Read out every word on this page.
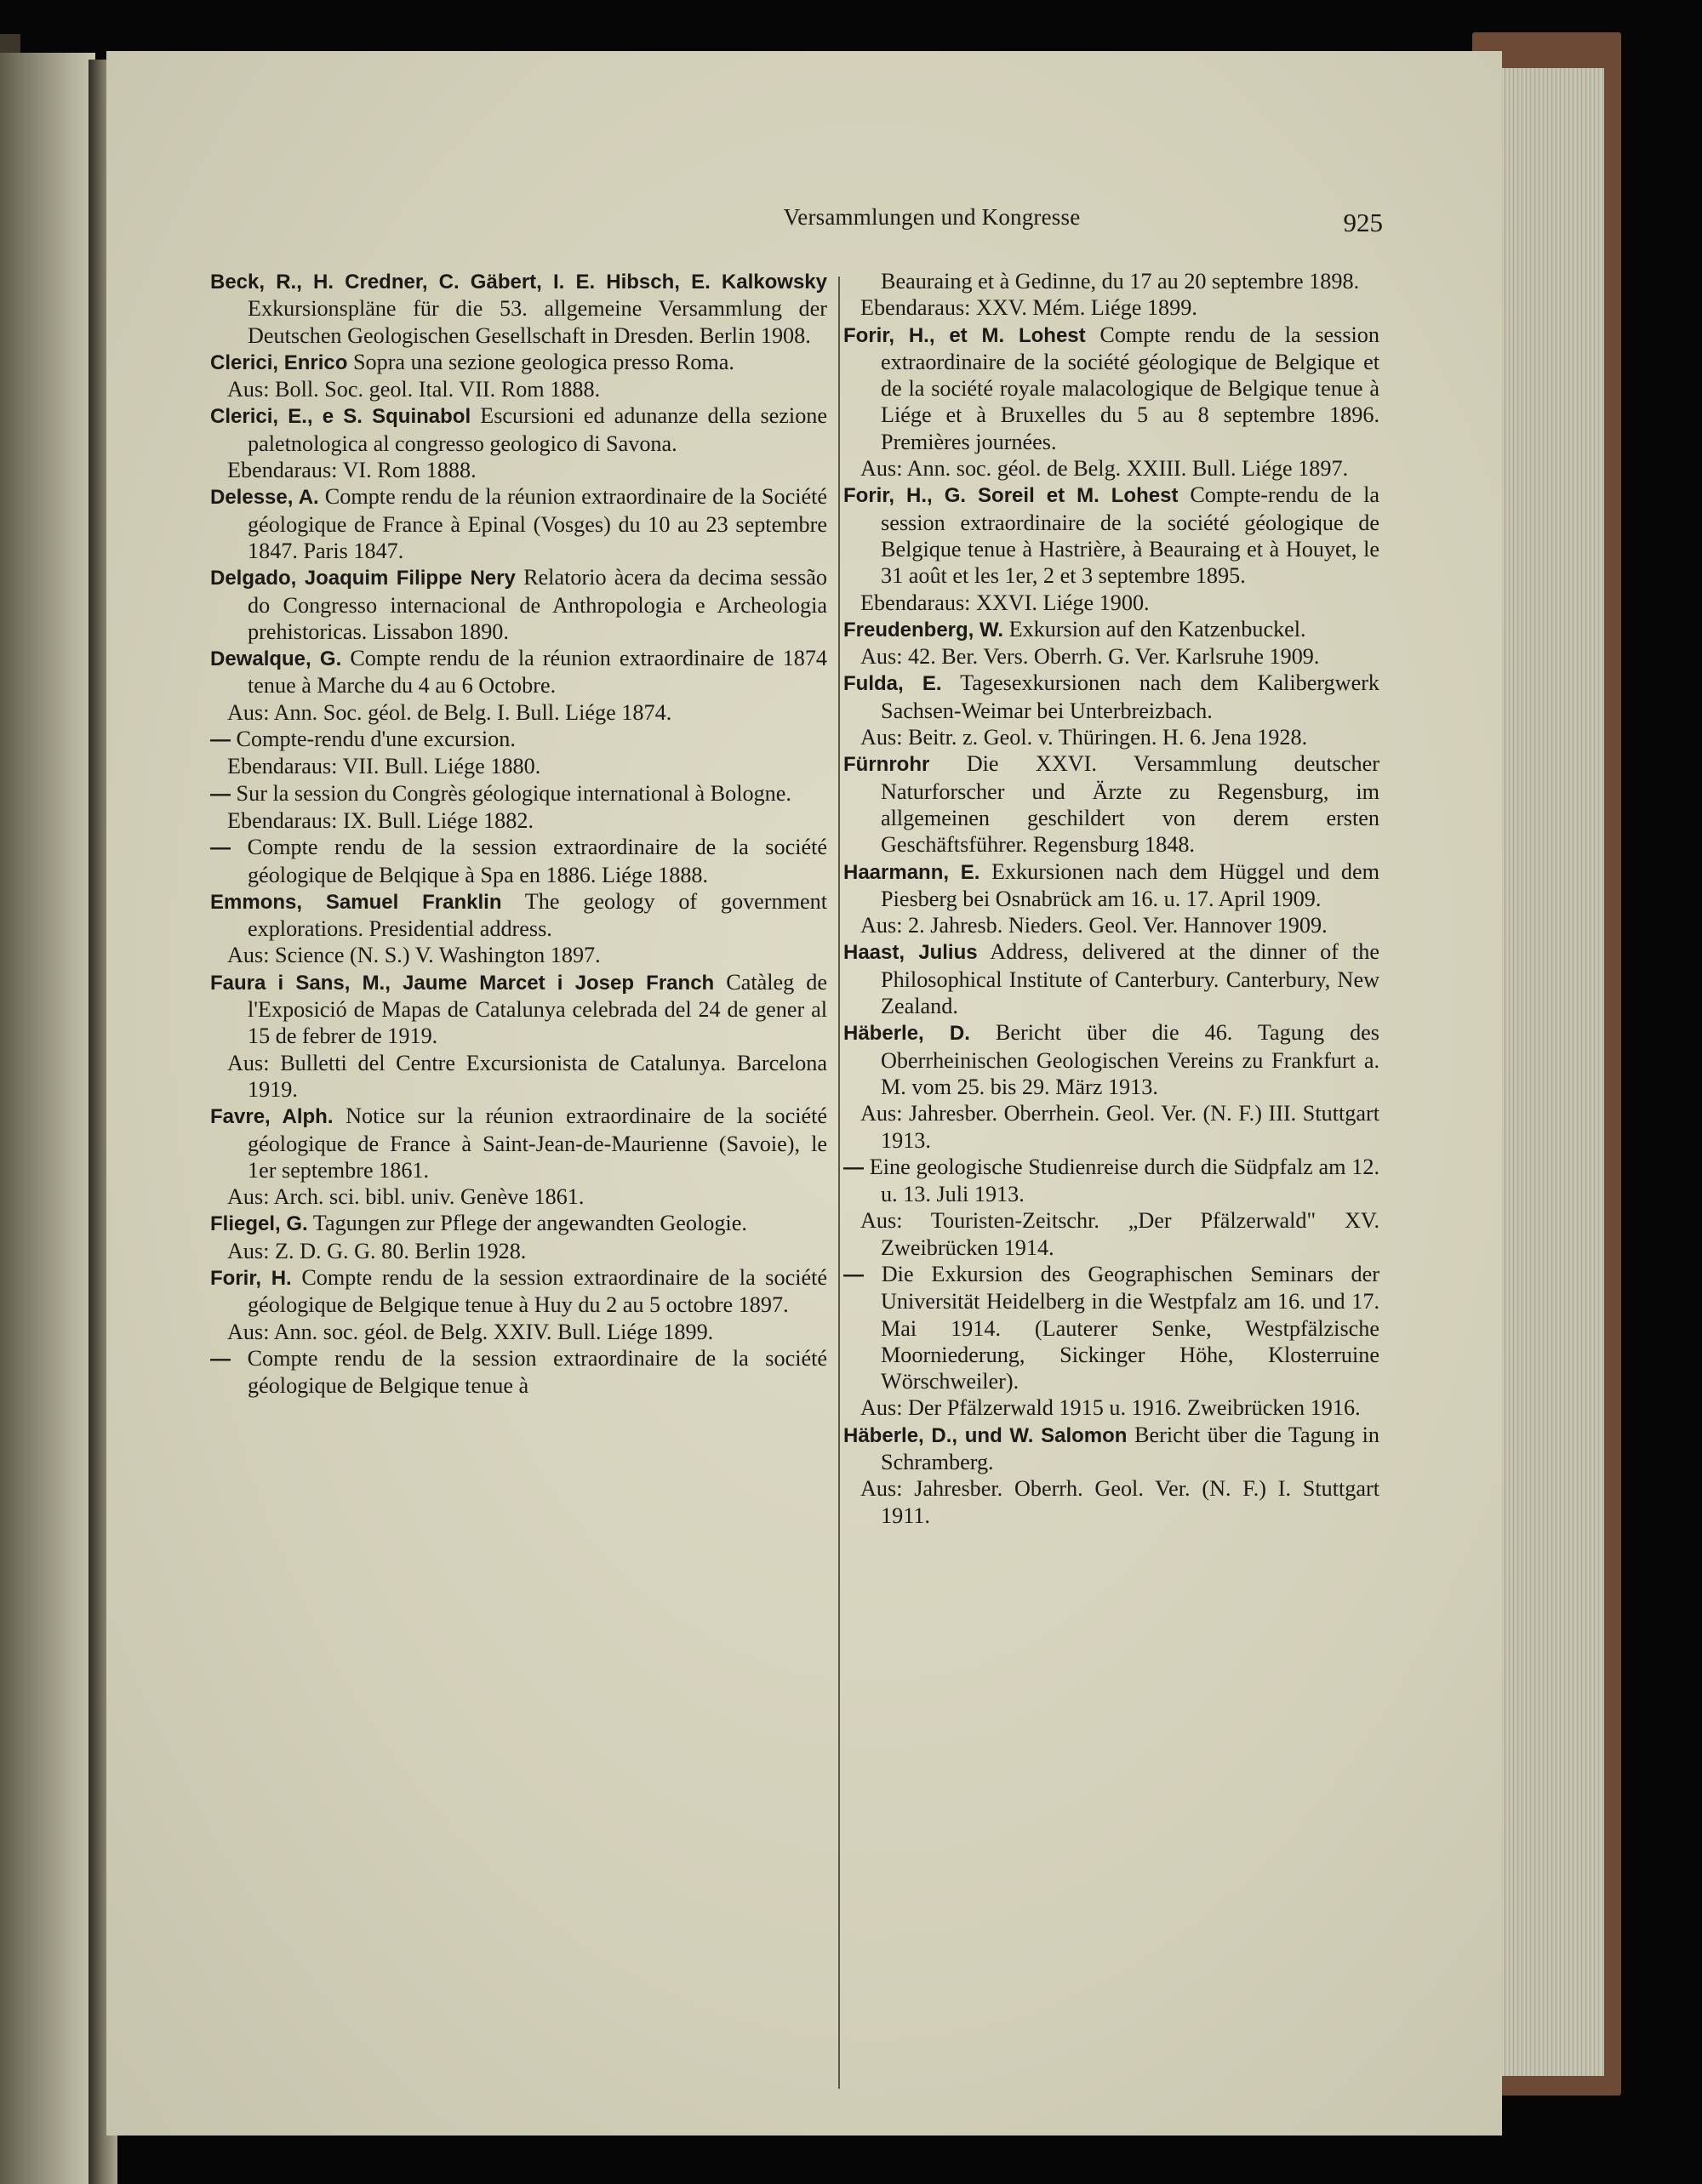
Versammlungen und Kongresse	925

Beck, R., H. Credner, C. Gäbert, I. E. Hibsch, E. Kalkowsky Exkursionspläne für die 53. allgemeine Versammlung der Deutschen Geologischen Gesellschaft in Dresden. Berlin 1908.

Clerici, Enrico Sopra una sezione geologica presso Roma.

Aus: Boll. Soc. geol. Ital. VII. Rom 1888.

Clerici, E., e S. Squinabol Escursioni ed adunanze della sezione paletnologica al congresso geologico di Savona.

Ebendaraus: VI. Rom 1888.

Delesse, A. Compte rendu de la réunion extraordinaire de la Société géologique de France à Epinal (Vosges) du 10 au 23 septembre 1847. Paris 1847.

Delgado, Joaquim Filippe Nery Relatorio àcera da decima sessão do Congresso internacional de Anthropologia e Archeologia prehistoricas. Lissabon 1890.

Dewalque, G. Compte rendu de la réunion extraordinaire de 1874 tenue à Marche du 4 au 6 Octobre.

Aus: Ann. Soc. géol. de Belg. I. Bull. Liége 1874.

— Compte-rendu d'une excursion.

Ebendaraus: VII. Bull. Liége 1880.

— Sur la session du Congrès géologique international à Bologne.

Ebendaraus: IX. Bull. Liége 1882.

— Compte rendu de la session extraordinaire de la société géologique de Belqique à Spa en 1886. Liége 1888.

Emmons, Samuel Franklin The geology of government explorations. Presidential address.

Aus: Science (N. S.) V. Washington 1897.

Faura i Sans, M., Jaume Marcet i Josep Franch Catàleg de l'Exposició de Mapas de Catalunya celebrada del 24 de gener al 15 de febrer de 1919.

Aus: Bulletti del Centre Excursionista de Catalunya. Barcelona 1919.

Favre, Alph. Notice sur la réunion extraordinaire de la société géologique de France à Saint-Jean-de-Maurienne (Savoie), le 1er septembre 1861.

Aus: Arch. sci. bibl. univ. Genève 1861.

Fliegel, G. Tagungen zur Pflege der angewandten Geologie.

Aus: Z. D. G. G. 80. Berlin 1928.

Forir, H. Compte rendu de la session extraordinaire de la société géologique de Belgique tenue à Huy du 2 au 5 octobre 1897.

Aus: Ann. soc. géol. de Belg. XXIV. Bull. Liége 1899.

— Compte rendu de la session extraordinaire de la société géologique de Belgique tenue à

Beauraing et à Gedinne, du 17 au 20 septembre 1898.

Ebendaraus: XXV. Mém. Liége 1899.

Forir, H., et M. Lohest Compte rendu de la session extraordinaire de la société géologique de Belgique et de la société royale malacologique de Belgique tenue à Liége et à Bruxelles du 5 au 8 septembre 1896. Premières journées.

Aus: Ann. soc. géol. de Belg. XXIII. Bull. Liége 1897.

Forir, H., G. Soreil et M. Lohest Compte-rendu de la session extraordinaire de la société géologique de Belgique tenue à Hastrière, à Beauraing et à Houyet, le 31 août et les 1er, 2 et 3 septembre 1895.

Ebendaraus: XXVI. Liége 1900.

Freudenberg, W. Exkursion auf den Katzenbuckel.

Aus: 42. Ber. Vers. Oberrh. G. Ver. Karlsruhe 1909.

Fulda, E. Tagesexkursionen nach dem Kalibergwerk Sachsen-Weimar bei Unterbreizbach.

Aus: Beitr. z. Geol. v. Thüringen. H. 6. Jena 1928.

Fürnrohr Die XXVI. Versammlung deutscher Naturforscher und Ärzte zu Regensburg, im allgemeinen geschildert von derem ersten Geschäftsführer. Regensburg 1848.

Haarmann, E. Exkursionen nach dem Hüggel und dem Piesberg bei Osnabrück am 16. u. 17. April 1909.

Aus: 2. Jahresb. Nieders. Geol. Ver. Hannover 1909.

Haast, Julius Address, delivered at the dinner of the Philosophical Institute of Canterbury. Canterbury, New Zealand.

Häberle, D. Bericht über die 46. Tagung des Oberrheinischen Geologischen Vereins zu Frankfurt a. M. vom 25. bis 29. März 1913.

Aus: Jahresber. Oberrhein. Geol. Ver. (N. F.) III. Stuttgart 1913.

— Eine geologische Studienreise durch die Südpfalz am 12. u. 13. Juli 1913.

Aus: Touristen-Zeitschr. „Der Pfälzerwald" XV. Zweibrücken 1914.

— Die Exkursion des Geographischen Seminars der Universität Heidelberg in die Westpfalz am 16. und 17. Mai 1914. (Lauterer Senke, Westpfälzische Moorniederung, Sickinger Höhe, Klosterruine Wörschweiler).

Aus: Der Pfälzerwald 1915 u. 1916. Zweibrücken 1916.

Häberle, D., und W. Salomon Bericht über die Tagung in Schramberg.

Aus: Jahresber. Oberrh. Geol. Ver. (N. F.) I. Stuttgart 1911.
